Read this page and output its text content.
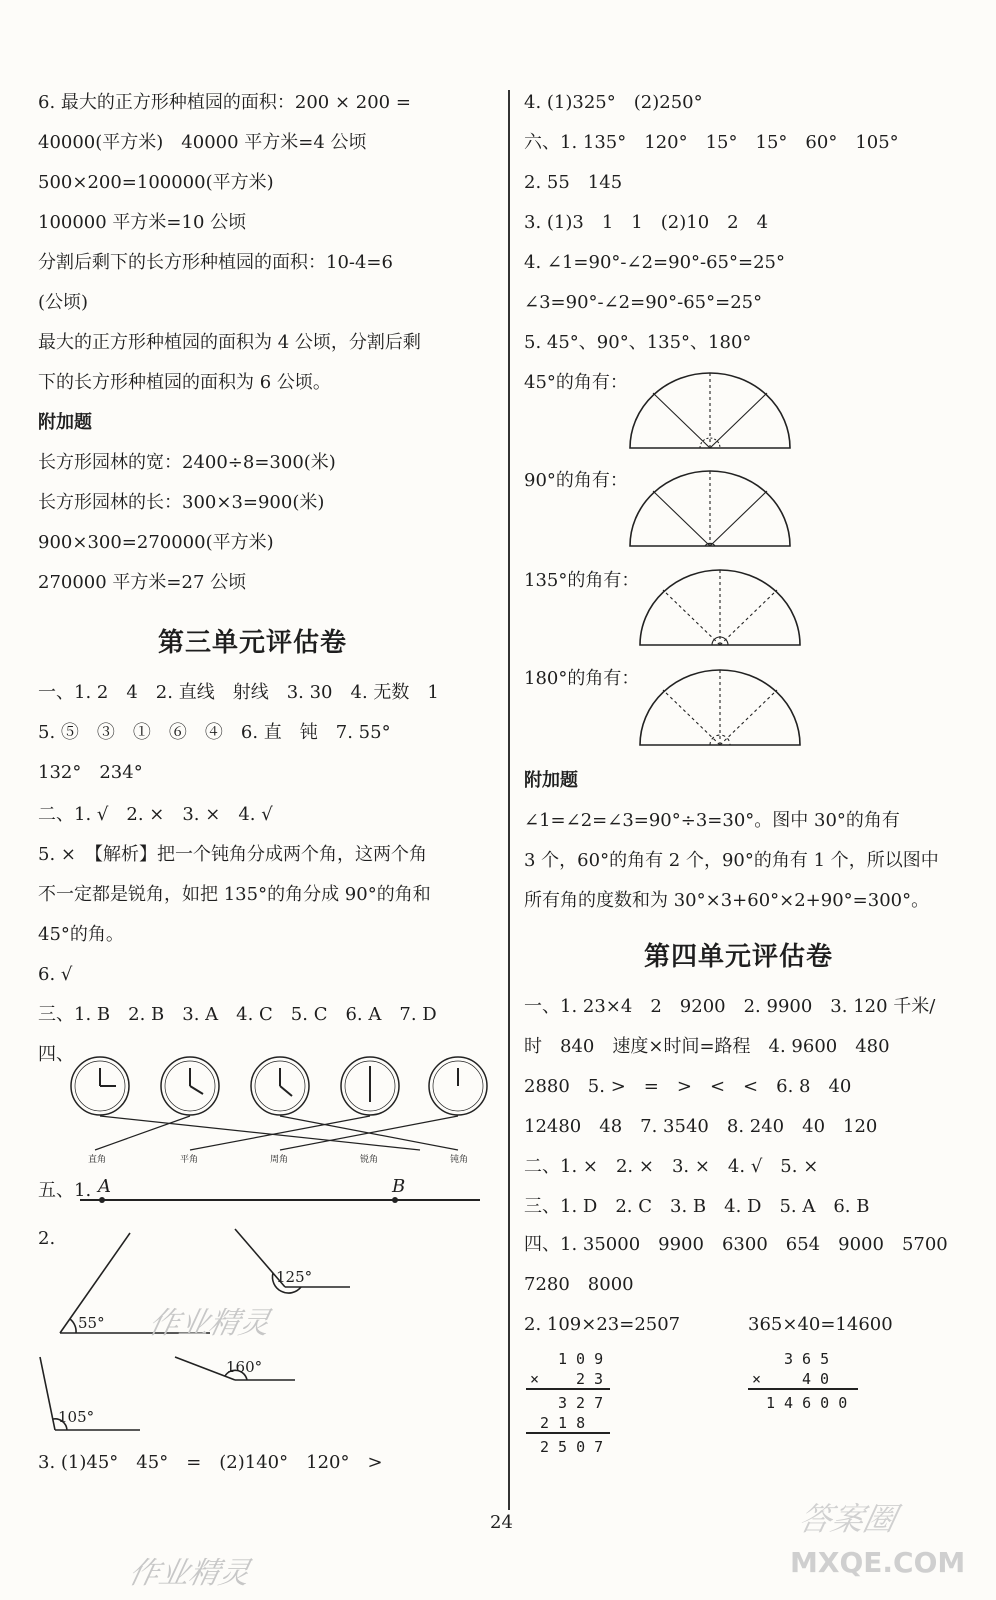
6. 最大的正方形种植园的面积：200 × 200 =
40000(平方米)　40000 平方米=4 公顷
500×200=100000(平方米)
100000 平方米=10 公顷
分割后剩下的长方形种植园的面积：10-4=6
(公顷)
最大的正方形种植园的面积为 4 公顷，分割后剩
下的长方形种植园的面积为 6 公顷。
附加题
长方形园林的宽：2400÷8=300(米)
长方形园林的长：300×3=900(米)
900×300=270000(平方米)
270000 平方米=27 公顷
第三单元评估卷
一、1. 2　4　2. 直线　射线　3. 30　4. 无数　1
5. ⑤　③　①　⑥　④　6. 直　钝　7. 55°
132°　234°
二、1. √　2. ×　3. ×　4. √
5. ×　【解析】把一个钝角分成两个角，这两个角
不一定都是锐角，如把 135°的角分成 90°的角和
45°的角。
6. √
三、1. B　2. B　3. A　4. C　5. C　6. A　7. D
四、
直角	平角	周角	锐角	钝角
五、1. A	B
2.
55°
125°
160°
105°
3. (1)45°　45°　=　(2)140°　120°　>
4. (1)325°　(2)250°
六、1. 135°　120°　15°　15°　60°　105°
2. 55　145
3. (1)3　1　1　(2)10　2　4
4. ∠1=90°-∠2=90°-65°=25°
∠3=90°-∠2=90°-65°=25°
5. 45°、90°、135°、180°
45°的角有：
90°的角有：
135°的角有：
180°的角有：
附加题
∠1=∠2=∠3=90°÷3=30°。图中 30°的角有
3 个，60°的角有 2 个，90°的角有 1 个，所以图中
所有角的度数和为 30°×3+60°×2+90°=300°。
第四单元评估卷
一、1. 23×4　2　9200　2. 9900　3. 120 千米/
时　840　速度×时间=路程　4. 9600　480
2880　5. >　=　>　<　<　6. 8　40
12480　48　7. 3540　8. 240　40　120
二、1. ×　2. ×　3. ×　4. √　5. ×
三、1. D　2. C　3. B　4. D　5. A　6. B
四、1. 35000　9900　6300　654　9000　5700
7280　8000
2. 109×23=2507	365×40=14600
1 0 9
× 2 3
3 2 7
2 1 8
2 5 0 7
3 6 5
×	4 0
1 4 6 0 0
24
作业精灵
作业精灵
答案圈
MXQE.COM
